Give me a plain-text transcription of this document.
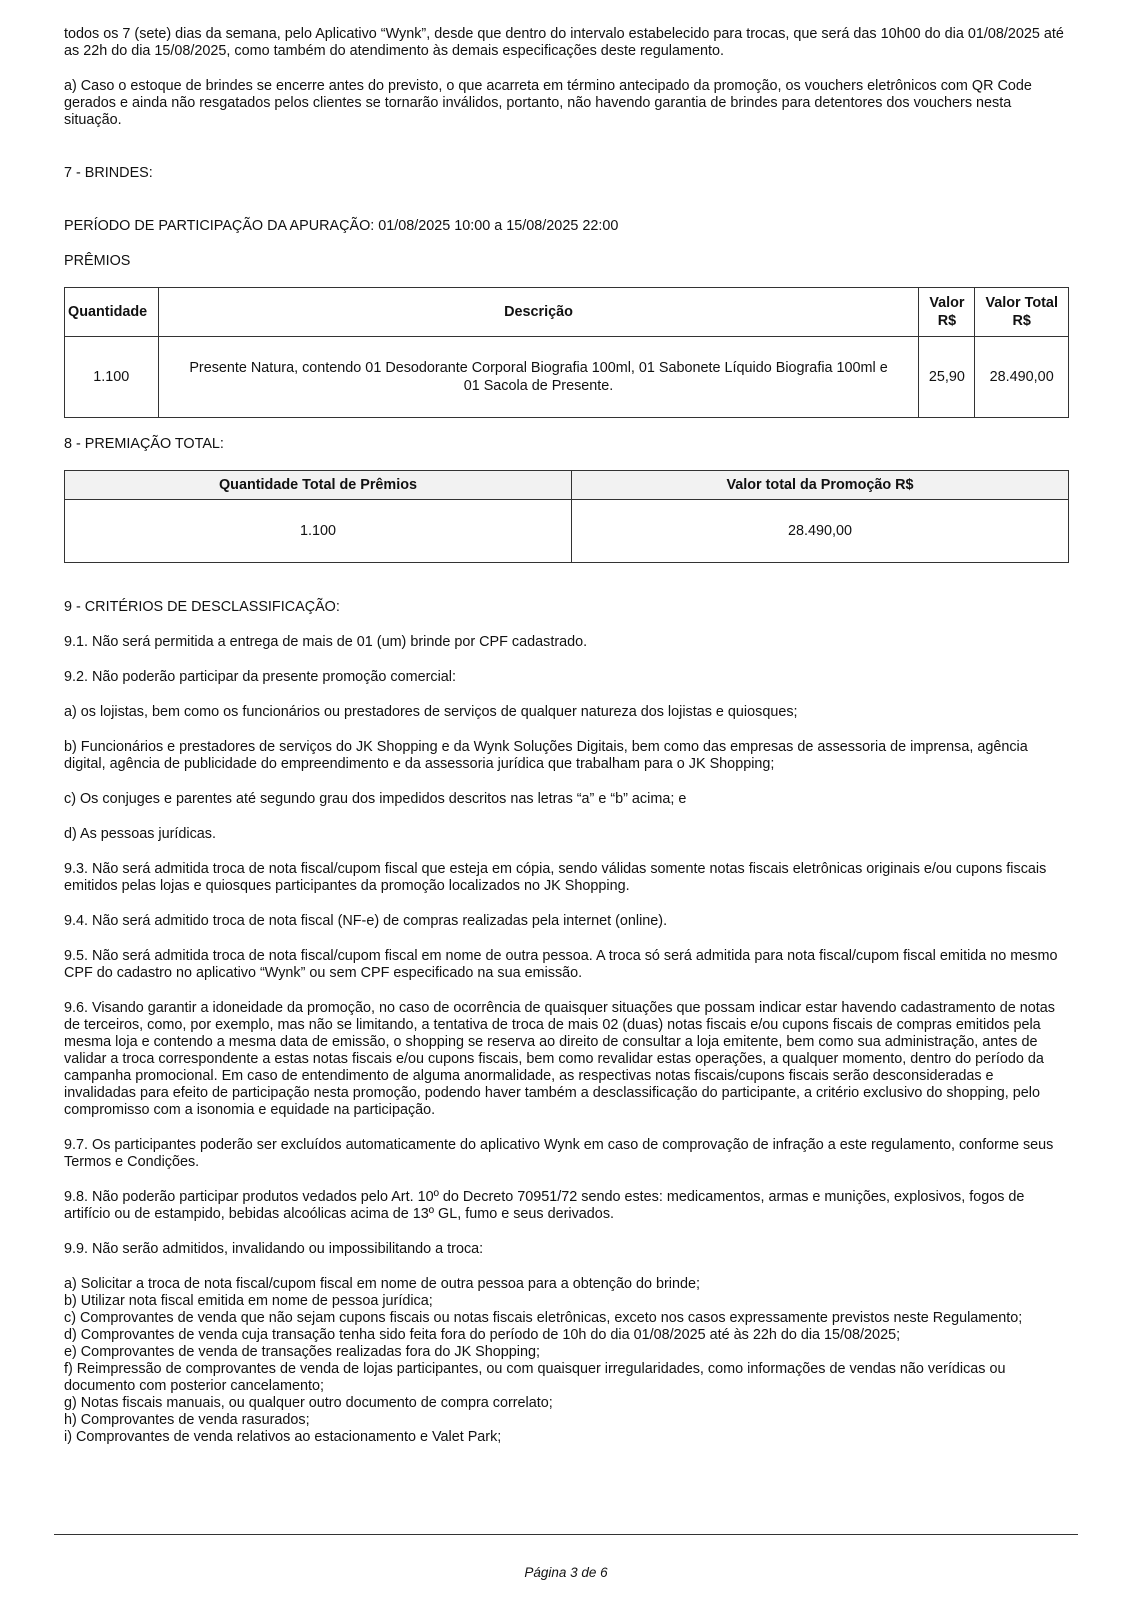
todos os 7 (sete) dias da semana, pelo Aplicativo “Wynk”, desde que dentro do intervalo estabelecido para trocas, que será das 10h00 do dia 01/08/2025 até as 22h do dia 15/08/2025, como também do atendimento às demais especificações deste regulamento.

a) Caso o estoque de brindes se encerre antes do previsto, o que acarreta em término antecipado da promoção, os vouchers eletrônicos com QR Code gerados e ainda não resgatados pelos clientes se tornarão inválidos, portanto, não havendo garantia de brindes para detentores dos vouchers nesta situação.

7 - BRINDES:

PERÍODO DE PARTICIPAÇÃO DA APURAÇÃO: 01/08/2025 10:00 a 15/08/2025 22:00

PRÊMIOS

Quantidade	Descrição	Valor R$	Valor Total R$
1.100	Presente Natura, contendo 01 Desodorante Corporal Biografia 100ml, 01 Sabonete Líquido Biografia 100ml e 01 Sacola de Presente.	25,90	28.490,00

8 - PREMIAÇÃO TOTAL:

Quantidade Total de Prêmios	Valor total da Promoção R$
1.100	28.490,00

9 - CRITÉRIOS DE DESCLASSIFICAÇÃO:

9.1. Não será permitida a entrega de mais de 01 (um) brinde por CPF cadastrado.

9.2. Não poderão participar da presente promoção comercial:

a) os lojistas, bem como os funcionários ou prestadores de serviços de qualquer natureza dos lojistas e quiosques;

b) Funcionários e prestadores de serviços do JK Shopping e da Wynk Soluções Digitais, bem como das empresas de assessoria de imprensa, agência digital, agência de publicidade do empreendimento e da assessoria jurídica que trabalham para o JK Shopping;

c) Os conjuges e parentes até segundo grau dos impedidos descritos nas letras “a” e “b” acima; e

d) As pessoas jurídicas.

9.3. Não será admitida troca de nota fiscal/cupom fiscal que esteja em cópia, sendo válidas somente notas fiscais eletrônicas originais e/ou cupons fiscais emitidos pelas lojas e quiosques participantes da promoção localizados no JK Shopping.

9.4. Não será admitido troca de nota fiscal (NF-e) de compras realizadas pela internet (online).

9.5. Não será admitida troca de nota fiscal/cupom fiscal em nome de outra pessoa. A troca só será admitida para nota fiscal/cupom fiscal emitida no mesmo CPF do cadastro no aplicativo “Wynk” ou sem CPF especificado na sua emissão.

9.6. Visando garantir a idoneidade da promoção, no caso de ocorrência de quaisquer situações que possam indicar estar havendo cadastramento de notas de terceiros, como, por exemplo, mas não se limitando, a tentativa de troca de mais 02 (duas) notas fiscais e/ou cupons fiscais de compras emitidos pela mesma loja e contendo a mesma data de emissão, o shopping se reserva ao direito de consultar a loja emitente, bem como sua administração, antes de validar a troca correspondente a estas notas fiscais e/ou cupons fiscais, bem como revalidar estas operações, a qualquer momento, dentro do período da campanha promocional. Em caso de entendimento de alguma anormalidade, as respectivas notas fiscais/cupons fiscais serão desconsideradas e invalidadas para efeito de participação nesta promoção, podendo haver também a desclassificação do participante, a critério exclusivo do shopping, pelo compromisso com a isonomia e equidade na participação.

9.7. Os participantes poderão ser excluídos automaticamente do aplicativo Wynk em caso de comprovação de infração a este regulamento, conforme seus Termos e Condições.

9.8. Não poderão participar produtos vedados pelo Art. 10º do Decreto 70951/72 sendo estes: medicamentos, armas e munições, explosivos, fogos de artifício ou de estampido, bebidas alcoólicas acima de 13º GL, fumo e seus derivados.

9.9. Não serão admitidos, invalidando ou impossibilitando a troca:

a) Solicitar a troca de nota fiscal/cupom fiscal em nome de outra pessoa para a obtenção do brinde;

b) Utilizar nota fiscal emitida em nome de pessoa jurídica;

c) Comprovantes de venda que não sejam cupons fiscais ou notas fiscais eletrônicas, exceto nos casos expressamente previstos neste Regulamento;

d) Comprovantes de venda cuja transação tenha sido feita fora do período de 10h do dia 01/08/2025 até às 22h do dia 15/08/2025;

e) Comprovantes de venda de transações realizadas fora do JK Shopping;

f) Reimpressão de comprovantes de venda de lojas participantes, ou com quaisquer irregularidades, como informações de vendas não verídicas ou documento com posterior cancelamento;

g) Notas fiscais manuais, ou qualquer outro documento de compra correlato;

h) Comprovantes de venda rasurados;

i) Comprovantes de venda relativos ao estacionamento e Valet Park;

Página 3 de 6
